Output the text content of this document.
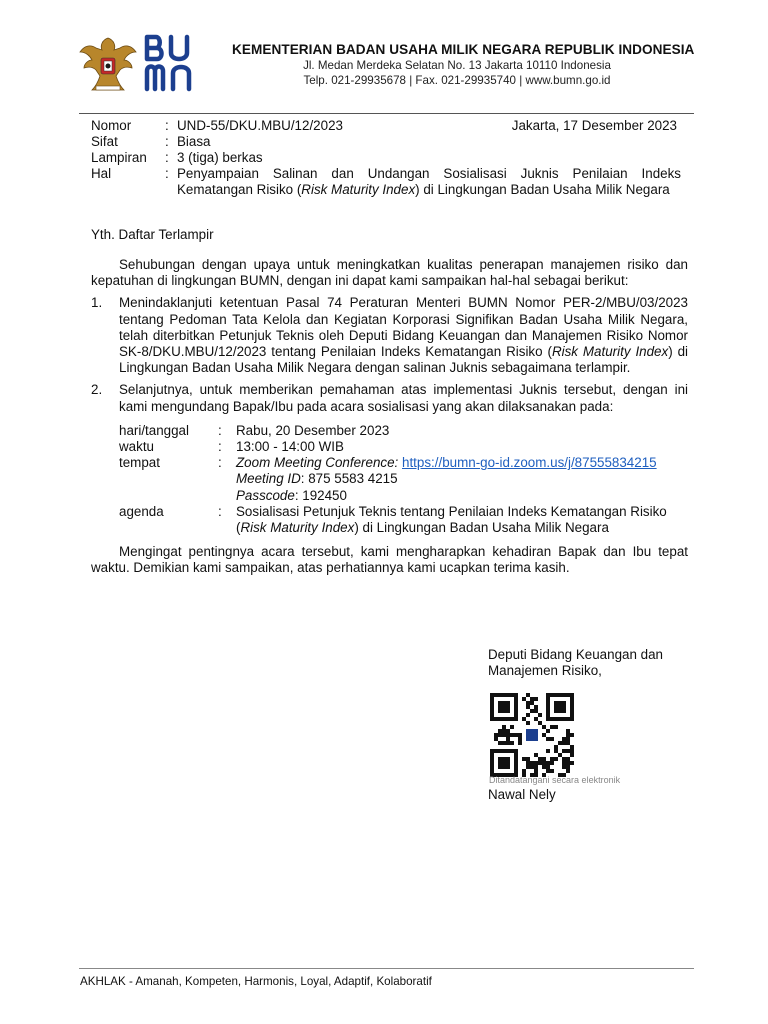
KEMENTERIAN BADAN USAHA MILIK NEGARA REPUBLIK INDONESIA
Jl. Medan Merdeka Selatan No. 13 Jakarta 10110 Indonesia
Telp. 021-29935678 | Fax. 021-29935740 | www.bumn.go.id
Jakarta, 17 Desember 2023
Nomor	: UND-55/DKU.MBU/12/2023
Sifat	: Biasa
Lampiran	: 3 (tiga) berkas
Hal	: Penyampaian Salinan dan Undangan Sosialisasi Juknis Penilaian Indeks Kematangan Risiko (Risk Maturity Index) di Lingkungan Badan Usaha Milik Negara
Yth. Daftar Terlampir

Sehubungan dengan upaya untuk meningkatkan kualitas penerapan manajemen risiko dan kepatuhan di lingkungan BUMN, dengan ini dapat kami sampaikan hal-hal sebagai berikut:

1.	Menindaklanjuti ketentuan Pasal 74 Peraturan Menteri BUMN Nomor PER-2/MBU/03/2023 tentang Pedoman Tata Kelola dan Kegiatan Korporasi Signifikan Badan Usaha Milik Negara, telah diterbitkan Petunjuk Teknis oleh Deputi Bidang Keuangan dan Manajemen Risiko Nomor SK-8/DKU.MBU/12/2023 tentang Penilaian Indeks Kematangan Risiko (Risk Maturity Index) di Lingkungan Badan Usaha Milik Negara dengan salinan Juknis sebagaimana terlampir.
2.	Selanjutnya, untuk memberikan pemahaman atas implementasi Juknis tersebut, dengan ini kami mengundang Bapak/Ibu pada acara sosialisasi yang akan dilaksanakan pada:
hari/tanggal	:	Rabu, 20 Desember 2023
waktu	:	13:00 - 14:00 WIB
tempat	:	Zoom Meeting Conference: https://bumn-go-id.zoom.us/j/87555834215
Meeting ID: 875 5583 4215
Passcode: 192450
agenda	:	Sosialisasi Petunjuk Teknis tentang Penilaian Indeks Kematangan Risiko (Risk Maturity Index) di Lingkungan Badan Usaha Milik Negara

Mengingat pentingnya acara tersebut, kami mengharapkan kehadiran Bapak dan Ibu tepat waktu. Demikian kami sampaikan, atas perhatiannya kami ucapkan terima kasih.

Deputi Bidang Keuangan dan
Manajemen Risiko,
Ditandatangani secara elektronik
Nawal Nely
AKHLAK - Amanah, Kompeten, Harmonis, Loyal, Adaptif, Kolaboratif
